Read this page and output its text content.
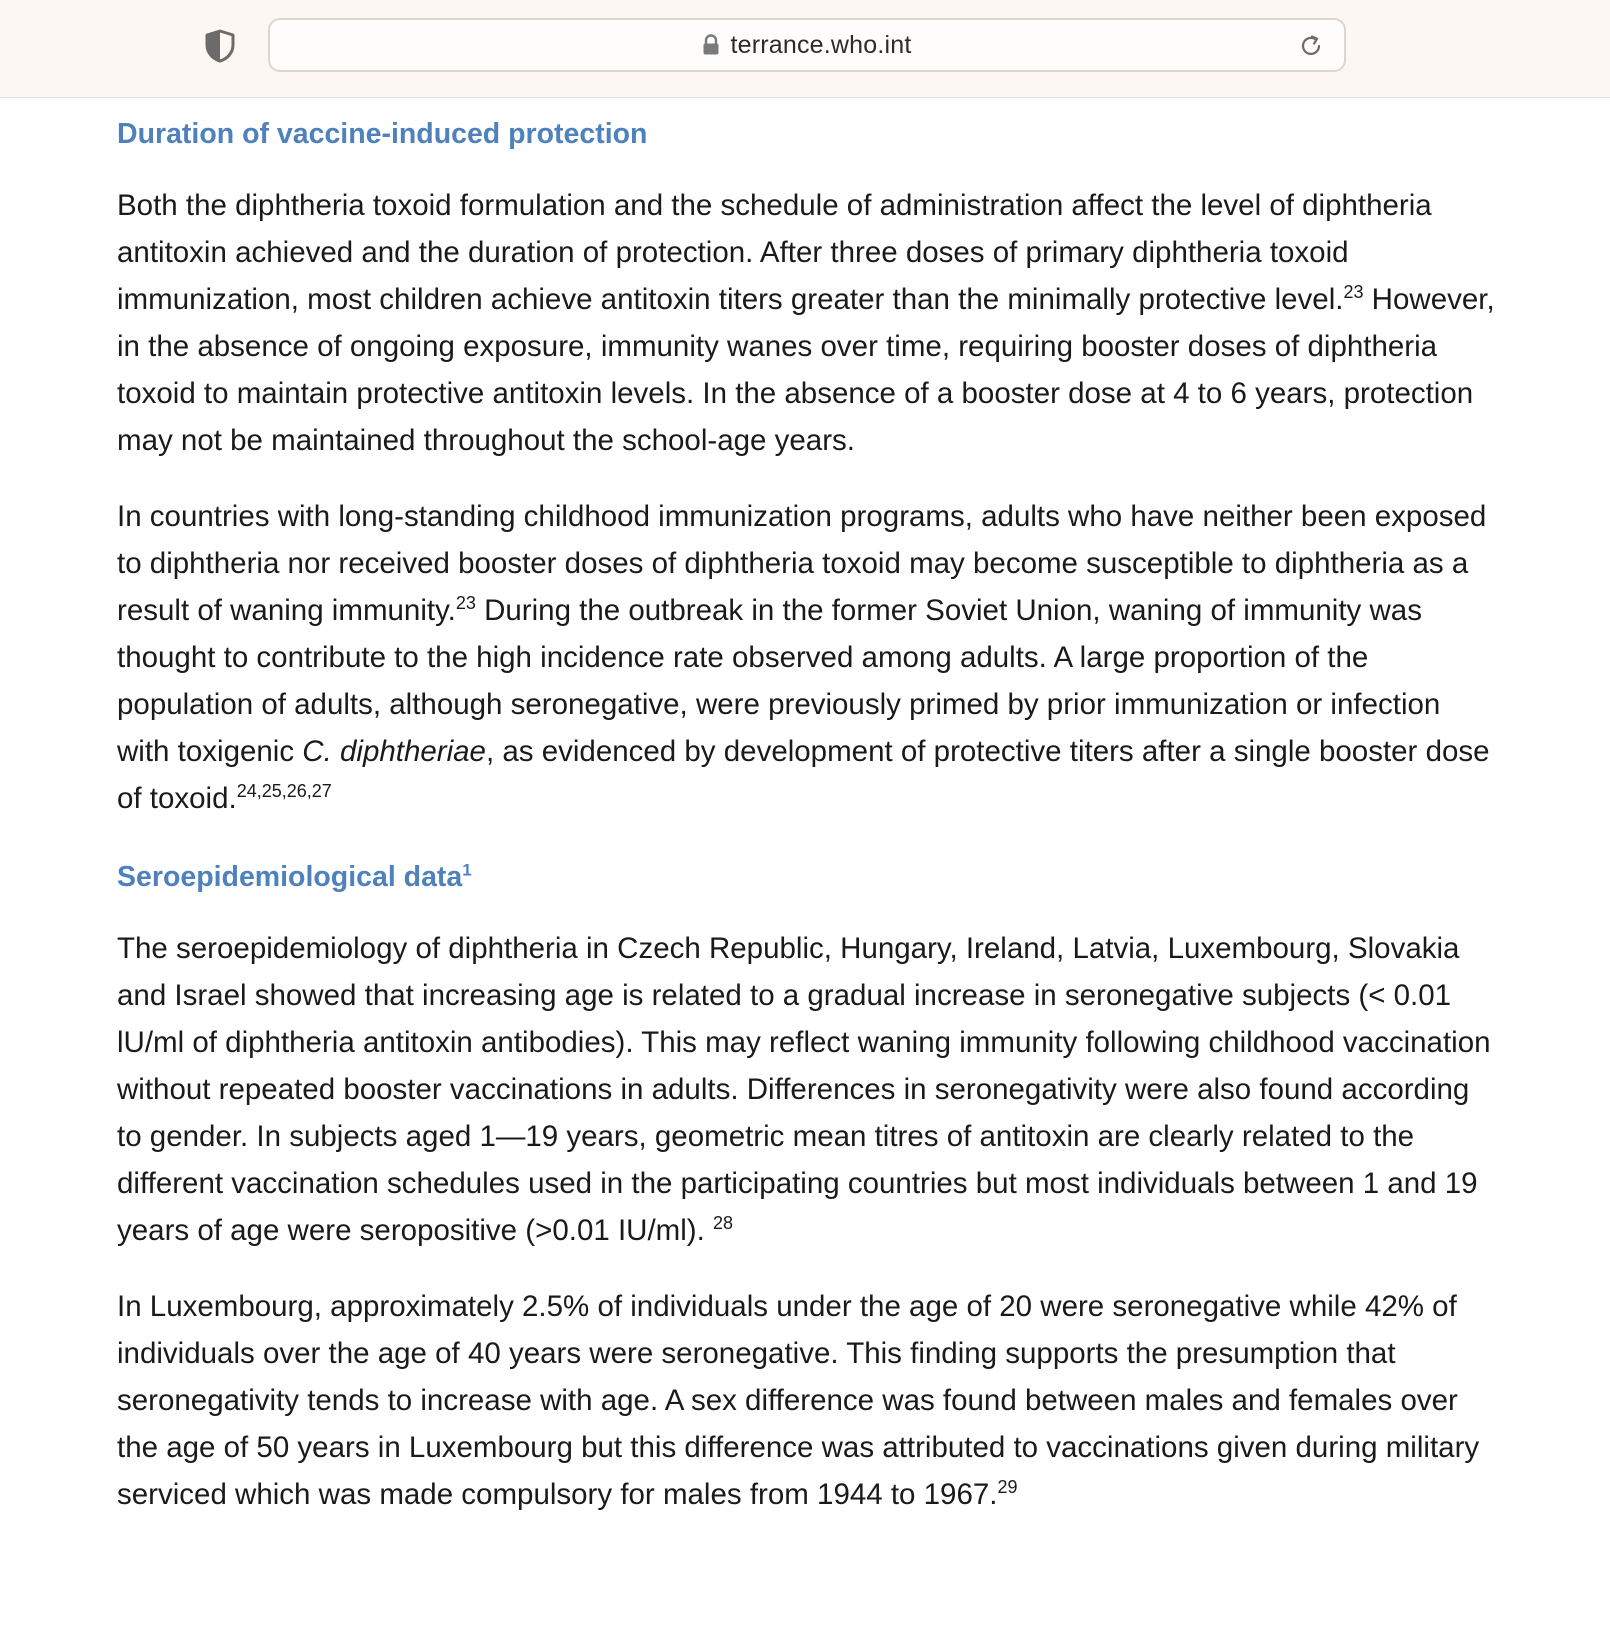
terrance.who.int
Duration of vaccine-induced protection

Both the diphtheria toxoid formulation and the schedule of administration affect the level of diphtheria antitoxin achieved and the duration of protection. After three doses of primary diphtheria toxoid immunization, most children achieve antitoxin titers greater than the minimally protective level.$^{23}$ However, in the absence of ongoing exposure, immunity wanes over time, requiring booster doses of diphtheria toxoid to maintain protective antitoxin levels. In the absence of a booster dose at 4 to 6 years, protection may not be maintained throughout the school-age years.

In countries with long-standing childhood immunization programs, adults who have neither been exposed to diphtheria nor received booster doses of diphtheria toxoid may become susceptible to diphtheria as a result of waning immunity.$^{23}$ During the outbreak in the former Soviet Union, waning of immunity was thought to contribute to the high incidence rate observed among adults. A large proportion of the population of adults, although seronegative, were previously primed by prior immunization or infection with toxigenic C. diphtheriae, as evidenced by development of protective titers after a single booster dose of toxoid.$^{24,25,26,27}$

Seroepidemiological data$^1$

The seroepidemiology of diphtheria in Czech Republic, Hungary, Ireland, Latvia, Luxembourg, Slovakia and Israel showed that increasing age is related to a gradual increase in seronegative subjects (< 0.01 lU/ml of diphtheria antitoxin antibodies). This may reflect waning immunity following childhood vaccination without repeated booster vaccinations in adults. Differences in seronegativity were also found according to gender. In subjects aged 1—19 years, geometric mean titres of antitoxin are clearly related to the different vaccination schedules used in the participating countries but most individuals between 1 and 19 years of age were seropositive (>0.01 IU/ml). $^{28}$

In Luxembourg, approximately 2.5% of individuals under the age of 20 were seronegative while 42% of individuals over the age of 40 years were seronegative. This finding supports the presumption that seronegativity tends to increase with age. A sex difference was found between males and females over the age of 50 years in Luxembourg but this difference was attributed to vaccinations given during military serviced which was made compulsory for males from 1944 to 1967.29
